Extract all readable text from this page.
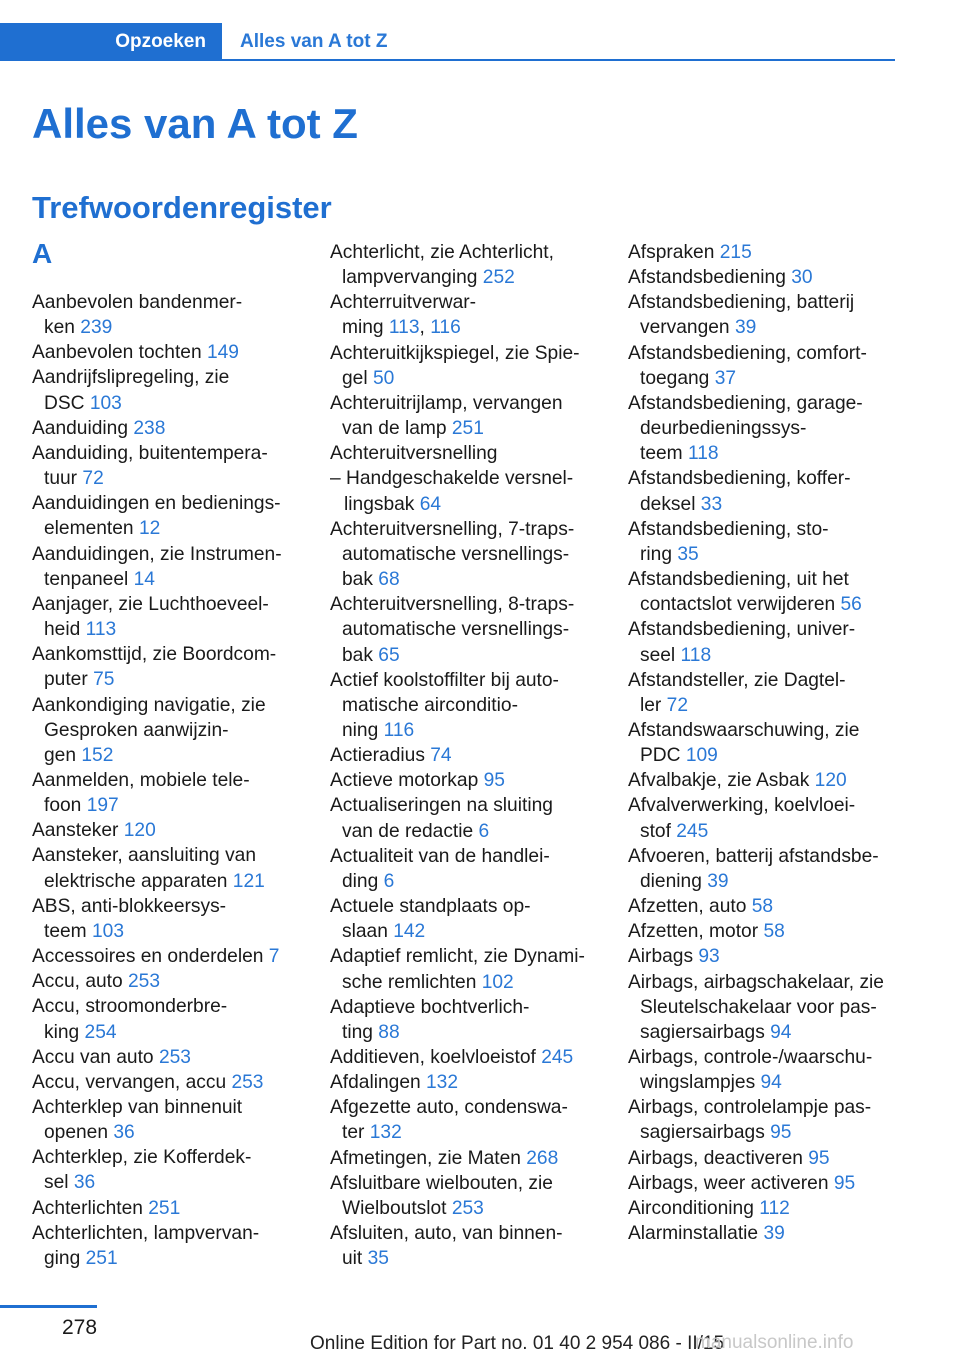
Opzoeken	Alles van A tot Z
Alles van A tot Z
Trefwoordenregister
A
Aanbevolen bandenmer-
ken 239
Aanbevolen tochten 149
Aandrijfslipregeling, zie
DSC 103
Aanduiding 238
Aanduiding, buitentempera-
tuur 72
Aanduidingen en bedienings-
elementen 12
Aanduidingen, zie Instrumen-
tenpaneel 14
Aanjager, zie Luchthoeveel-
heid 113
Aankomsttijd, zie Boordcom-
puter 75
Aankondiging navigatie, zie
Gesproken aanwijzin-
gen 152
Aanmelden, mobiele tele-
foon 197
Aansteker 120
Aansteker, aansluiting van
elektrische apparaten 121
ABS, anti-blokkeersys-
teem 103
Accessoires en onderdelen 7
Accu, auto 253
Accu, stroomonderbre-
king 254
Accu van auto 253
Accu, vervangen, accu 253
Achterklep van binnenuit
openen 36
Achterklep, zie Kofferdek-
sel 36
Achterlichten 251
Achterlichten, lampvervan-
ging 251
Achterlicht, zie Achterlicht,
lampvervanging 252
Achterruitverwar-
ming 113, 116
Achteruitkijkspiegel, zie Spie-
gel 50
Achteruitrijlamp, vervangen
van de lamp 251
Achteruitversnelling
– Handgeschakelde versnel-
lingsbak 64
Achteruitversnelling, 7-traps-
automatische versnellings-
bak 68
Achteruitversnelling, 8-traps-
automatische versnellings-
bak 65
Actief koolstoffilter bij auto-
matische airconditio-
ning 116
Actieradius 74
Actieve motorkap 95
Actualiseringen na sluiting
van de redactie 6
Actualiteit van de handlei-
ding 6
Actuele standplaats op-
slaan 142
Adaptief remlicht, zie Dynami-
sche remlichten 102
Adaptieve bochtverlich-
ting 88
Additieven, koelvloeistof 245
Afdalingen 132
Afgezette auto, condenswa-
ter 132
Afmetingen, zie Maten 268
Afsluitbare wielbouten, zie
Wielboutslot 253
Afsluiten, auto, van binnen-
uit 35
Afspraken 215
Afstandsbediening 30
Afstandsbediening, batterij
vervangen 39
Afstandsbediening, comfort-
toegang 37
Afstandsbediening, garage-
deurbedieningssys-
teem 118
Afstandsbediening, koffer-
deksel 33
Afstandsbediening, sto-
ring 35
Afstandsbediening, uit het
contactslot verwijderen 56
Afstandsbediening, univer-
seel 118
Afstandsteller, zie Dagtel-
ler 72
Afstandswaarschuwing, zie
PDC 109
Afvalbakje, zie Asbak 120
Afvalverwerking, koelvloei-
stof 245
Afvoeren, batterij afstandsbe-
diening 39
Afzetten, auto 58
Afzetten, motor 58
Airbags 93
Airbags, airbagschakelaar, zie
Sleutelschakelaar voor pas-
sagiersairbags 94
Airbags, controle-/waarschu-
wingslampjes 94
Airbags, controlelampje pas-
sagiersairbags 95
Airbags, deactiveren 95
Airbags, weer activeren 95
Airconditioning 112
Alarminstallatie 39
278
Online Edition for Part no. 01 40 2 954 086 - II/15
manualsonline.info
